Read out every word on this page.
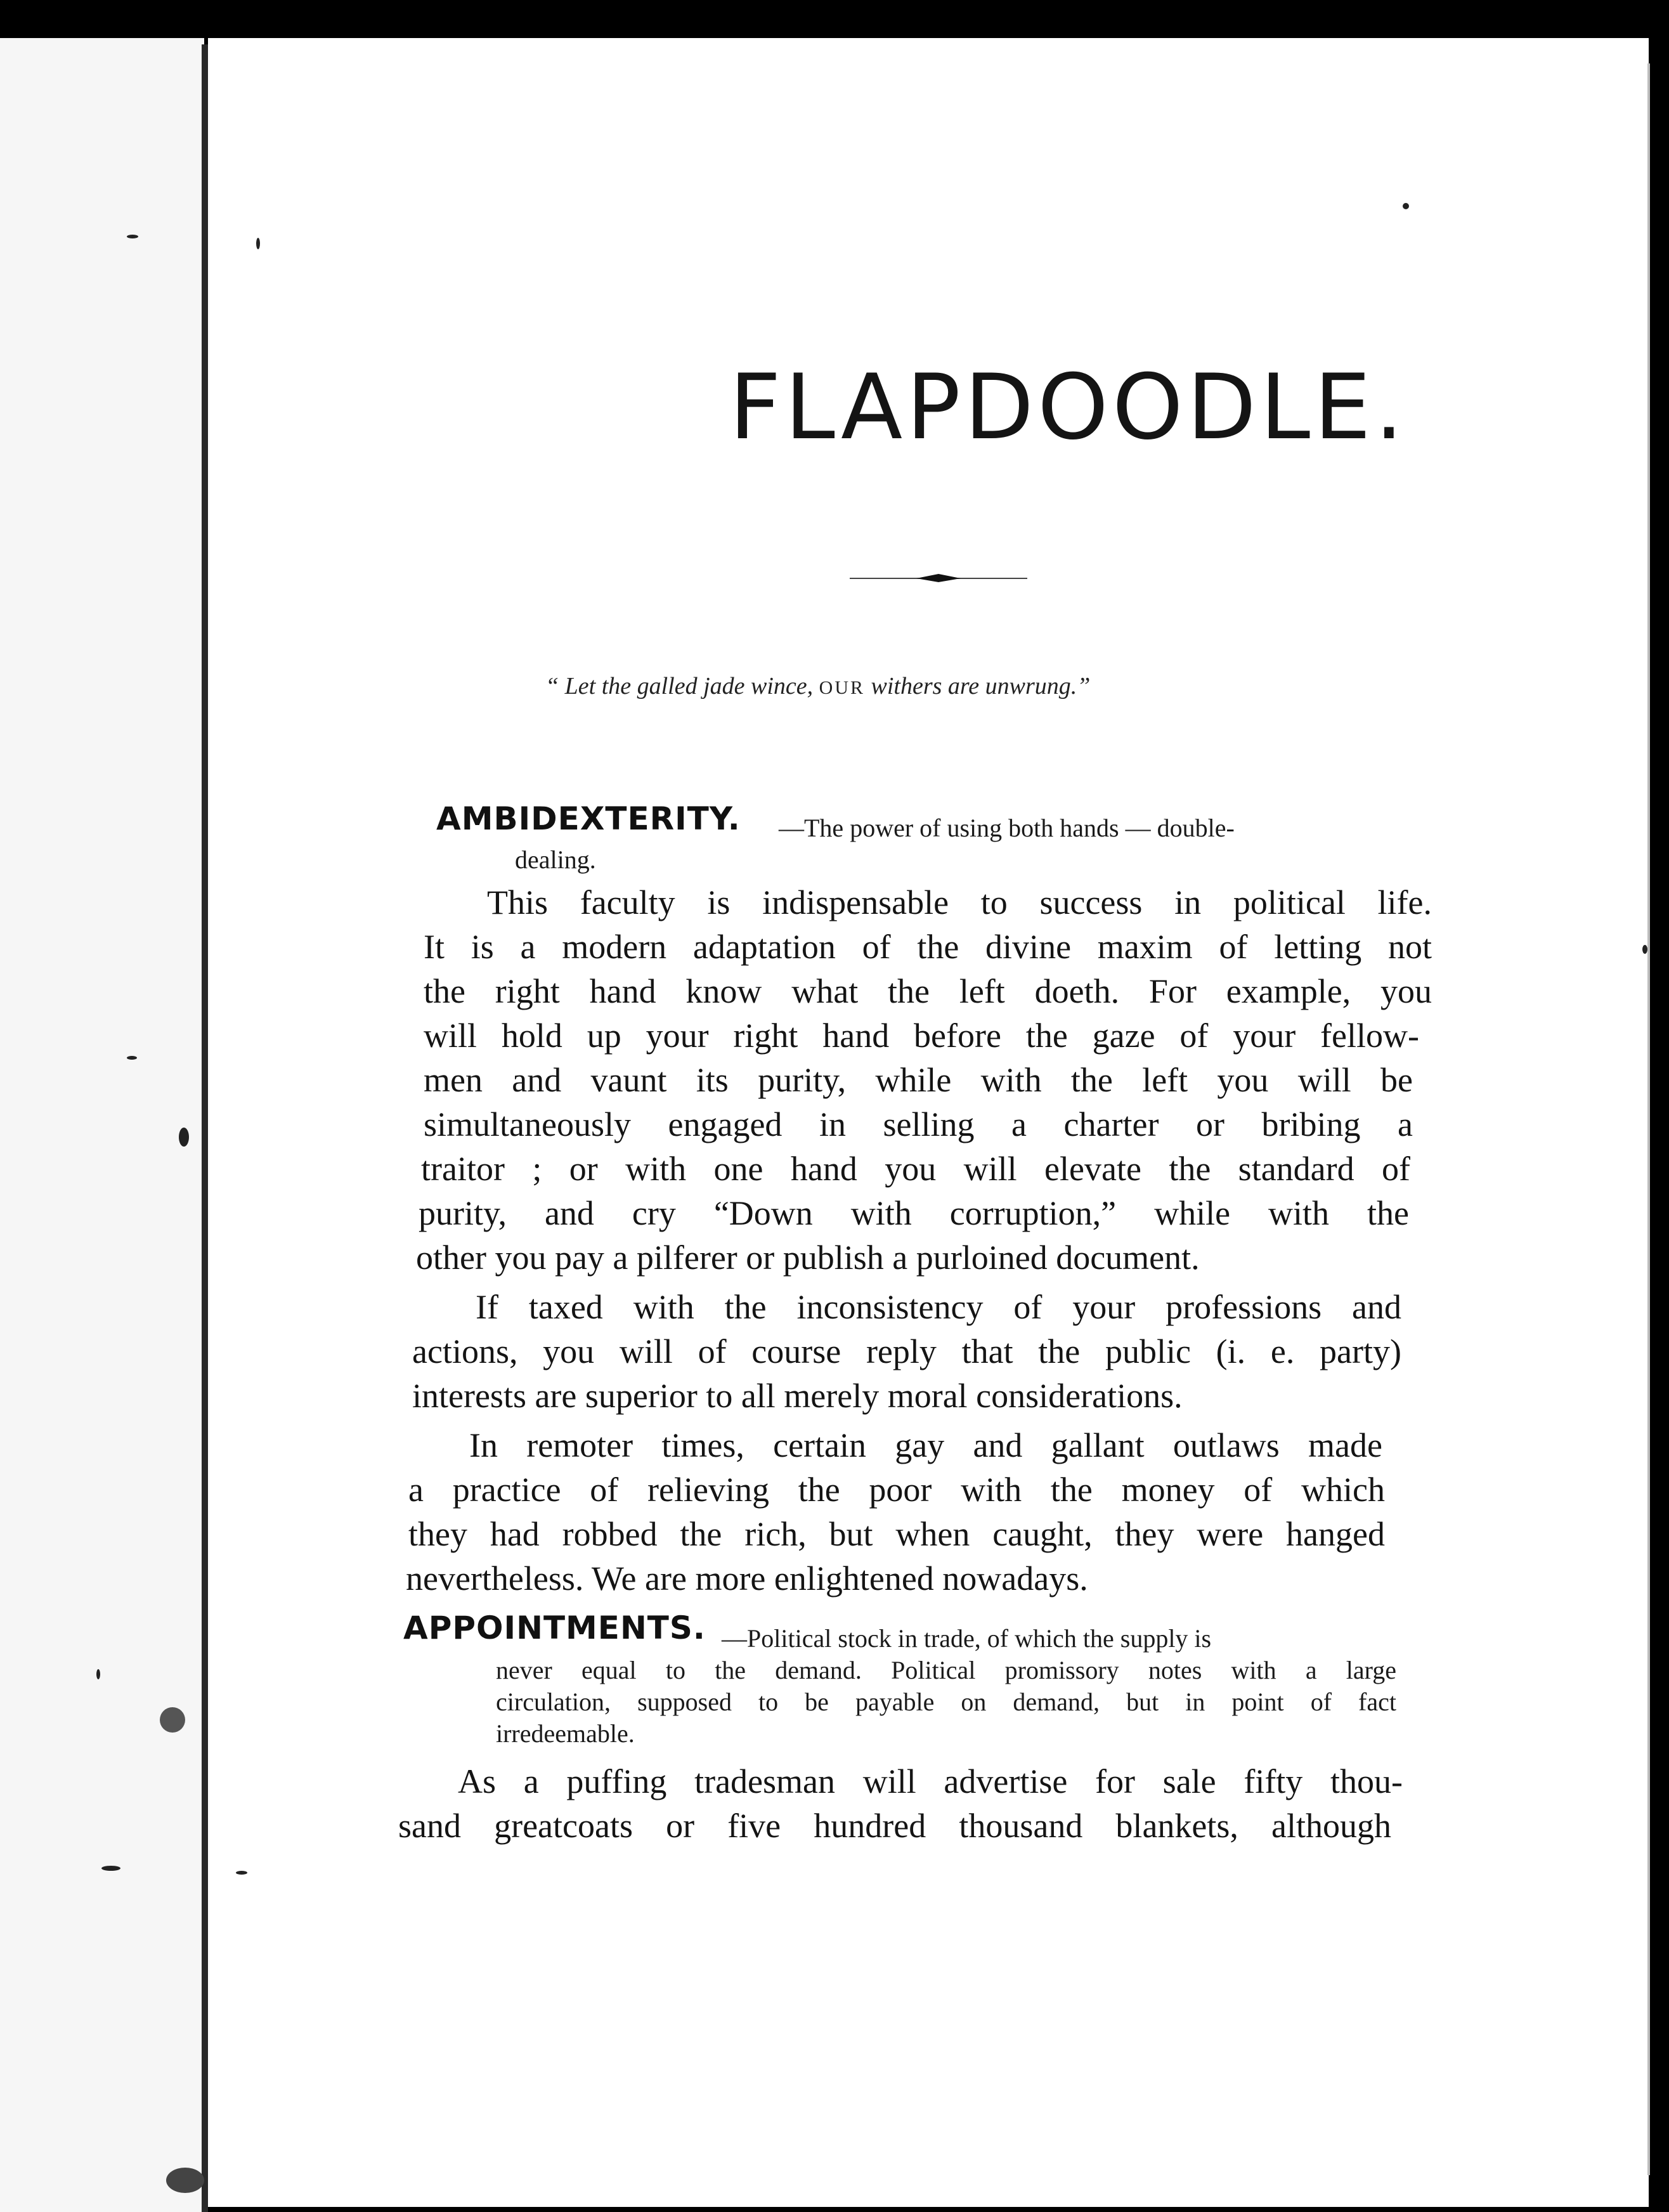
FLAPDOODLE.
“ Let the galled jade wince, OUR withers are unwrung.”
AMBIDEXTERITY. —The power of using both hands — double-
dealing.
This faculty is indispensable to success in political life.
It is a modern adaptation of the divine maxim of letting not
the right hand know what the left doeth. For example, you
will hold up your right hand before the gaze of your fellow-
men and vaunt its purity, while with the left you will be
simultaneously engaged in selling a charter or bribing a
traitor ; or with one hand you will elevate the standard of
purity, and cry “Down with corruption,” while with the
other you pay a pilferer or publish a purloined document.
If taxed with the inconsistency of your professions and
actions, you will of course reply that the public (i. e. party)
interests are superior to all merely moral considerations.
In remoter times, certain gay and gallant outlaws made
a practice of relieving the poor with the money of which
they had robbed the rich, but when caught, they were hanged
nevertheless. We are more enlightened nowadays.
APPOINTMENTS. —Political stock in trade, of which the supply is
never equal to the demand. Political promissory notes with a large
circulation, supposed to be payable on demand, but in point of fact
irredeemable.
As a puffing tradesman will advertise for sale fifty thou-
sand greatcoats or five hundred thousand blankets, although
